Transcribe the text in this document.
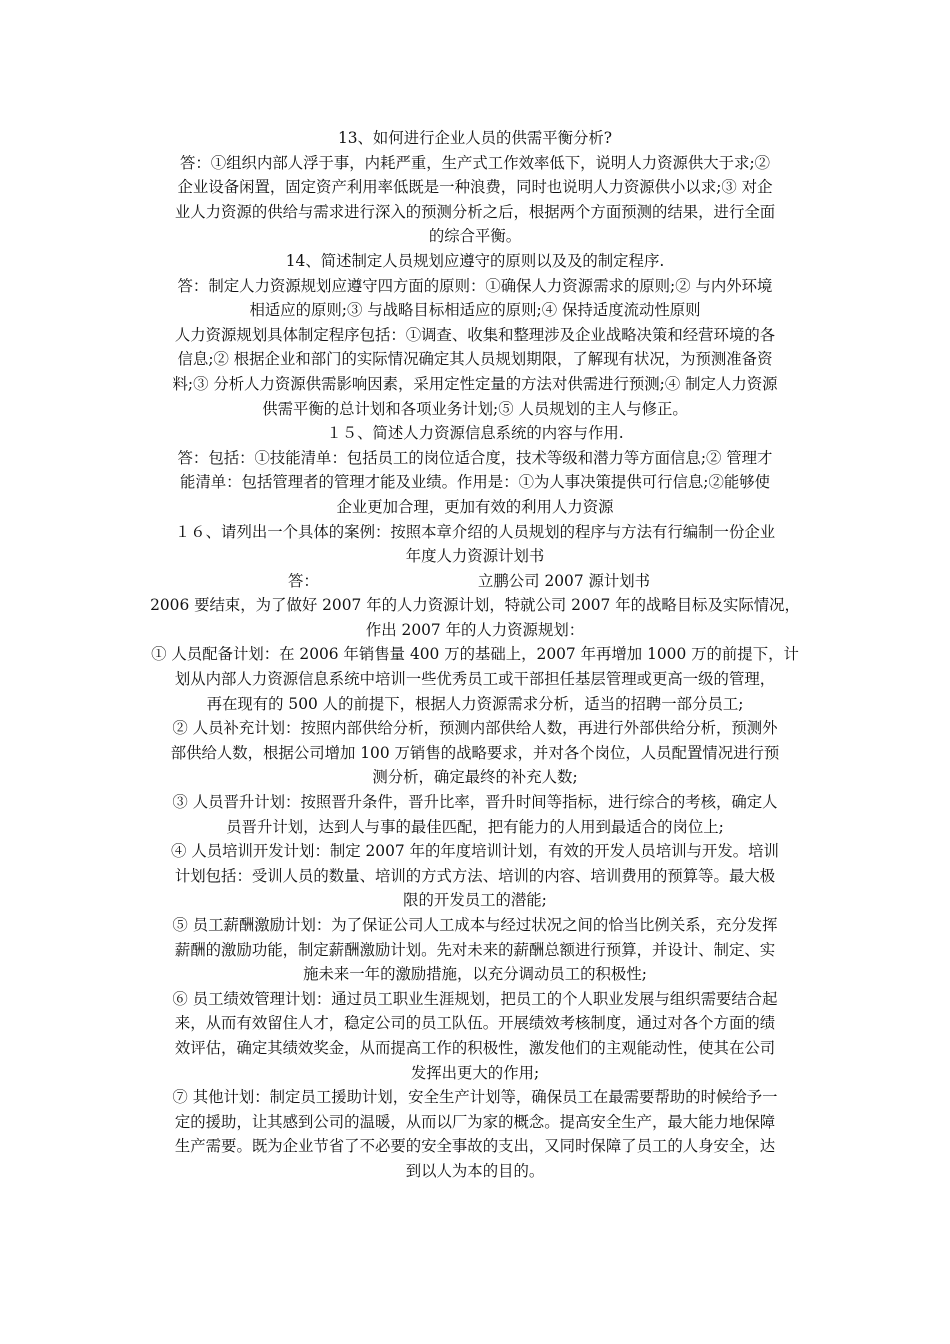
13、如何进行企业人员的供需平衡分析?
答：①组织内部人浮于事，内耗严重，生产式工作效率低下，说明人力资源供大于求;②
企业设备闲置，固定资产利用率低既是一种浪费，同时也说明人力资源供小以求;③ 对企
业人力资源的供给与需求进行深入的预测分析之后，根据两个方面预测的结果，进行全面
的综合平衡。
14、简述制定人员规划应遵守的原则以及及的制定程序.
答：制定人力资源规划应遵守四方面的原则：①确保人力资源需求的原则;② 与内外环境
相适应的原则;③ 与战略目标相适应的原则;④ 保持适度流动性原则
人力资源规划具体制定程序包括：①调查、收集和整理涉及企业战略决策和经营环境的各
信息;② 根据企业和部门的实际情况确定其人员规划期限，了解现有状况，为预测准备资
料;③ 分析人力资源供需影响因素，采用定性定量的方法对供需进行预测;④ 制定人力资源
供需平衡的总计划和各项业务计划;⑤ 人员规划的主人与修正。
１５、简述人力资源信息系统的内容与作用.
答：包括：①技能清单：包括员工的岗位适合度，技术等级和潜力等方面信息;② 管理才
能清单：包括管理者的管理才能及业绩。作用是：①为人事决策提供可行信息;②能够使
企业更加合理，更加有效的利用人力资源
１６、请列出一个具体的案例：按照本章介绍的人员规划的程序与方法有行编制一份企业
年度人力资源计划书
答：	立鹏公司 2007 源计划书
2006 要结束，为了做好 2007 年的人力资源计划，特就公司 2007 年的战略目标及实际情况，
作出 2007 年的人力资源规划：
① 人员配备计划：在 2006 年销售量 400 万的基础上，2007 年再增加 1000 万的前提下，计
划从内部人力资源信息系统中培训一些优秀员工或干部担任基层管理或更高一级的管理，
再在现有的 500 人的前提下，根据人力资源需求分析，适当的招聘一部分员工;
② 人员补充计划：按照内部供给分析，预测内部供给人数，再进行外部供给分析，预测外
部供给人数，根据公司增加 100 万销售的战略要求，并对各个岗位，人员配置情况进行预
测分析，确定最终的补充人数;
③ 人员晋升计划：按照晋升条件，晋升比率，晋升时间等指标，进行综合的考核，确定人
员晋升计划，达到人与事的最佳匹配，把有能力的人用到最适合的岗位上;
④ 人员培训开发计划：制定 2007 年的年度培训计划，有效的开发人员培训与开发。培训
计划包括：受训人员的数量、培训的方式方法、培训的内容、培训费用的预算等。最大极
限的开发员工的潜能;
⑤ 员工薪酬激励计划：为了保证公司人工成本与经过状况之间的恰当比例关系，充分发挥
薪酬的激励功能，制定薪酬激励计划。先对未来的薪酬总额进行预算，并设计、制定、实
施未来一年的激励措施，以充分调动员工的积极性;
⑥ 员工绩效管理计划：通过员工职业生涯规划，把员工的个人职业发展与组织需要结合起
来，从而有效留住人才，稳定公司的员工队伍。开展绩效考核制度，通过对各个方面的绩
效评估，确定其绩效奖金，从而提高工作的积极性，激发他们的主观能动性，使其在公司
发挥出更大的作用;
⑦ 其他计划：制定员工援助计划，安全生产计划等，确保员工在最需要帮助的时候给予一
定的援助，让其感到公司的温暖，从而以厂为家的概念。提高安全生产，最大能力地保障
生产需要。既为企业节省了不必要的安全事故的支出，又同时保障了员工的人身安全，达
到以人为本的目的。
